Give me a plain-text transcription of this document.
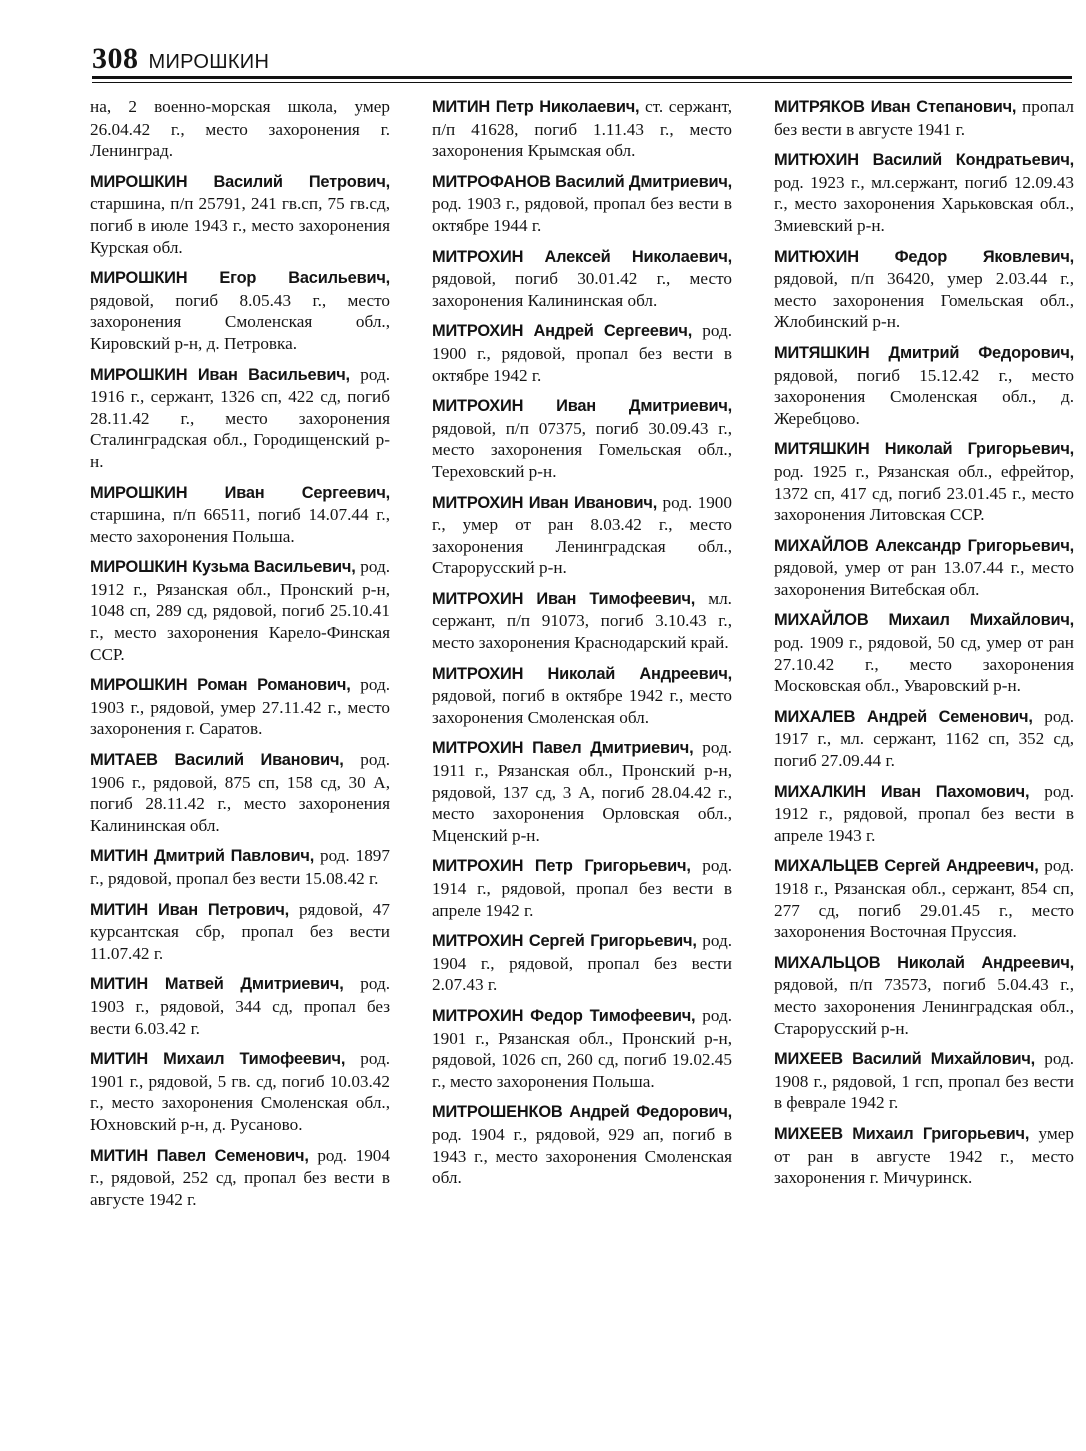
308 МИРОШКИН

на, 2 военно-морская школа, умер 26.04.42 г., место захоронения г. Ленинград.

МИРОШКИН Василий Петрович, старшина, п/п 25791, 241 гв.сп, 75 гв.сд, погиб в июле 1943 г., место захоронения Курская обл.

МИРОШКИН Егор Васильевич, рядовой, погиб 8.05.43 г., место захоронения Смоленская обл., Кировский р-н, д. Петровка.

МИРОШКИН Иван Васильевич, род. 1916 г., сержант, 1326 сп, 422 сд, погиб 28.11.42 г., место захоронения Сталинградская обл., Городищенский р-н.

МИРОШКИН Иван Сергеевич, старшина, п/п 66511, погиб 14.07.44 г., место захоронения Польша.

МИРОШКИН Кузьма Васильевич, род. 1912 г., Рязанская обл., Пронский р-н, 1048 сп, 289 сд, рядовой, погиб 25.10.41 г., место захоронения Карело-Финская ССР.

МИРОШКИН Роман Романович, род. 1903 г., рядовой, умер 27.11.42 г., место захоронения г. Саратов.

МИТАЕВ Василий Иванович, род. 1906 г., рядовой, 875 сп, 158 сд, 30 А, погиб 28.11.42 г., место захоронения Калининская обл.

МИТИН Дмитрий Павлович, род. 1897 г., рядовой, пропал без вести 15.08.42 г.

МИТИН Иван Петрович, рядовой, 47 курсантская сбр, пропал без вести 11.07.42 г.

МИТИН Матвей Дмитриевич, род. 1903 г., рядовой, 344 сд, пропал без вести 6.03.42 г.

МИТИН Михаил Тимофеевич, род. 1901 г., рядовой, 5 гв. сд, погиб 10.03.42 г., место захоронения Смоленская обл., Юхновский р-н, д. Русаново.

МИТИН Павел Семенович, род. 1904 г., рядовой, 252 сд, пропал без вести в августе 1942 г.

МИТИН Петр Николаевич, ст. сержант, п/п 41628, погиб 1.11.43 г., место захоронения Крымская обл.

МИТРОФАНОВ Василий Дмитриевич, род. 1903 г., рядовой, пропал без вести в октябре 1944 г.

МИТРОХИН Алексей Николаевич, рядовой, погиб 30.01.42 г., место захоронения Калининская обл.

МИТРОХИН Андрей Сергеевич, род. 1900 г., рядовой, пропал без вести в октябре 1942 г.

МИТРОХИН Иван Дмитриевич, рядовой, п/п 07375, погиб 30.09.43 г., место захоронения Гомельская обл., Тереховский р-н.

МИТРОХИН Иван Иванович, род. 1900 г., умер от ран 8.03.42 г., место захоронения Ленинградская обл., Старорусский р-н.

МИТРОХИН Иван Тимофеевич, мл. сержант, п/п 91073, погиб 3.10.43 г., место захоронения Краснодарский край.

МИТРОХИН Николай Андреевич, рядовой, погиб в октябре 1942 г., место захоронения Смоленская обл.

МИТРОХИН Павел Дмитриевич, род. 1911 г., Рязанская обл., Пронский р-н, рядовой, 137 сд, 3 А, погиб 28.04.42 г., место захоронения Орловская обл., Мценский р-н.

МИТРОХИН Петр Григорьевич, род. 1914 г., рядовой, пропал без вести в апреле 1942 г.

МИТРОХИН Сергей Григорьевич, род. 1904 г., рядовой, пропал без вести 2.07.43 г.

МИТРОХИН Федор Тимофеевич, род. 1901 г., Рязанская обл., Пронский р-н, рядовой, 1026 сп, 260 сд, погиб 19.02.45 г., место захоронения Польша.

МИТРОШЕНКОВ Андрей Федорович, род. 1904 г., рядовой, 929 ап, погиб в 1943 г., место захоронения Смоленская обл.

МИТРЯКОВ Иван Степанович, пропал без вести в августе 1941 г.

МИТЮХИН Василий Кондратьевич, род. 1923 г., мл.сержант, погиб 12.09.43 г., место захоронения Харьковская обл., Змиевский р-н.

МИТЮХИН Федор Яковлевич, рядовой, п/п 36420, умер 2.03.44 г., место захоронения Гомельская обл., Жлобинский р-н.

МИТЯШКИН Дмитрий Федорович, рядовой, погиб 15.12.42 г., место захоронения Смоленская обл., д. Жеребцово.

МИТЯШКИН Николай Григорьевич, род. 1925 г., Рязанская обл., ефрейтор, 1372 сп, 417 сд, погиб 23.01.45 г., место захоронения Литовская ССР.

МИХАЙЛОВ Александр Григорьевич, рядовой, умер от ран 13.07.44 г., место захоронения Витебская обл.

МИХАЙЛОВ Михаил Михайлович, род. 1909 г., рядовой, 50 сд, умер от ран 27.10.42 г., место захоронения Московская обл., Уваровский р-н.

МИХАЛЕВ Андрей Семенович, род. 1917 г., мл. сержант, 1162 сп, 352 сд, погиб 27.09.44 г.

МИХАЛКИН Иван Пахомович, род. 1912 г., рядовой, пропал без вести в апреле 1943 г.

МИХАЛЬЦЕВ Сергей Андреевич, род. 1918 г., Рязанская обл., сержант, 854 сп, 277 сд, погиб 29.01.45 г., место захоронения Восточная Пруссия.

МИХАЛЬЦОВ Николай Андреевич, рядовой, п/п 73573, погиб 5.04.43 г., место захоронения Ленинградская обл., Старорусский р-н.

МИХЕЕВ Василий Михайлович, род. 1908 г., рядовой, 1 гсп, пропал без вести в феврале 1942 г.

МИХЕЕВ Михаил Григорьевич, умер от ран в августе 1942 г., место захоронения г. Мичуринск.
